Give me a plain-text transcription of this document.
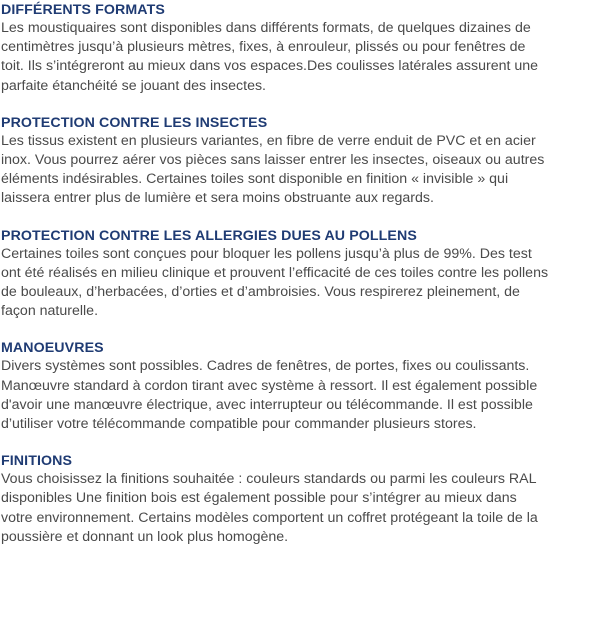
DIFFÉRENTS FORMATS

Les moustiquaires sont disponibles dans différents formats, de quelques dizaines de
centimètres jusqu’à plusieurs mètres, fixes, à enrouleur, plissés ou pour fenêtres de
toit. Ils s’intégreront au mieux dans vos espaces.Des coulisses latérales assurent une
parfaite étanchéité se jouant des insectes.

PROTECTION CONTRE LES INSECTES

Les tissus existent en plusieurs variantes, en fibre de verre enduit de PVC et en acier
inox. Vous pourrez aérer vos pièces sans laisser entrer les insectes, oiseaux ou autres
éléments indésirables. Certaines toiles sont disponible en finition « invisible » qui
laissera entrer plus de lumière et sera moins obstruante aux regards.

PROTECTION CONTRE LES ALLERGIES DUES AU POLLENS

Certaines toiles sont conçues pour bloquer les pollens jusqu’à plus de 99%. Des test
ont été réalisés en milieu clinique et prouvent l’efficacité de ces toiles contre les pollens
de bouleaux, d’herbacées, d’orties et d’ambroisies. Vous respirerez pleinement, de
façon naturelle.

MANOEUVRES

Divers systèmes sont possibles. Cadres de fenêtres, de portes, fixes ou coulissants.
Manœuvre standard à cordon tirant avec système à ressort. Il est également possible
d'avoir une manœuvre électrique, avec interrupteur ou télécommande. Il est possible
d’utiliser votre télécommande compatible pour commander plusieurs stores.

FINITIONS

Vous choisissez la finitions souhaitée : couleurs standards ou parmi les couleurs RAL
disponibles Une finition bois est également possible pour s’intégrer au mieux dans
votre environnement. Certains modèles comportent un coffret protégeant la toile de la
poussière et donnant un look plus homogène.
